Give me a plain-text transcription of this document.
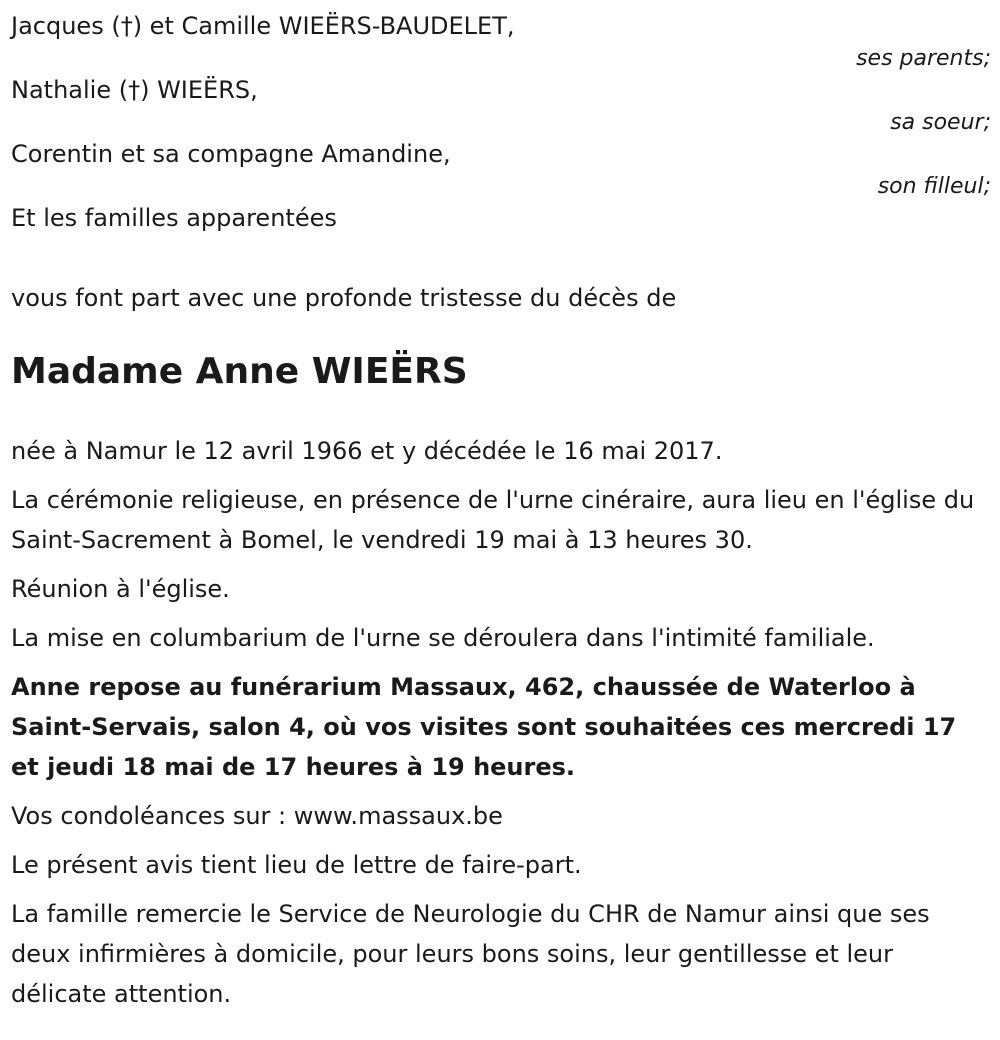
Jacques (†) et Camille WIEËRS-BAUDELET,

ses parents;

Nathalie (†) WIEËRS,

sa soeur;

Corentin et sa compagne Amandine,

son filleul;

Et les familles apparentées

vous font part avec une profonde tristesse du décès de

Madame Anne WIEËRS

née à Namur le 12 avril 1966 et y décédée le 16 mai 2017.

La cérémonie religieuse, en présence de l'urne cinéraire, aura lieu en l'église du Saint-Sacrement à Bomel, le vendredi 19 mai à 13 heures 30.

Réunion à l'église.

La mise en columbarium de l'urne se déroulera dans l'intimité familiale.

Anne repose au funérarium Massaux, 462, chaussée de Waterloo à Saint-Servais, salon 4, où vos visites sont souhaitées ces mercredi 17 et jeudi 18 mai de 17 heures à 19 heures.

Vos condoléances sur : www.massaux.be

Le présent avis tient lieu de lettre de faire-part.

La famille remercie le Service de Neurologie du CHR de Namur ainsi que ses deux infirmières à domicile, pour leurs bons soins, leur gentillesse et leur délicate attention.
